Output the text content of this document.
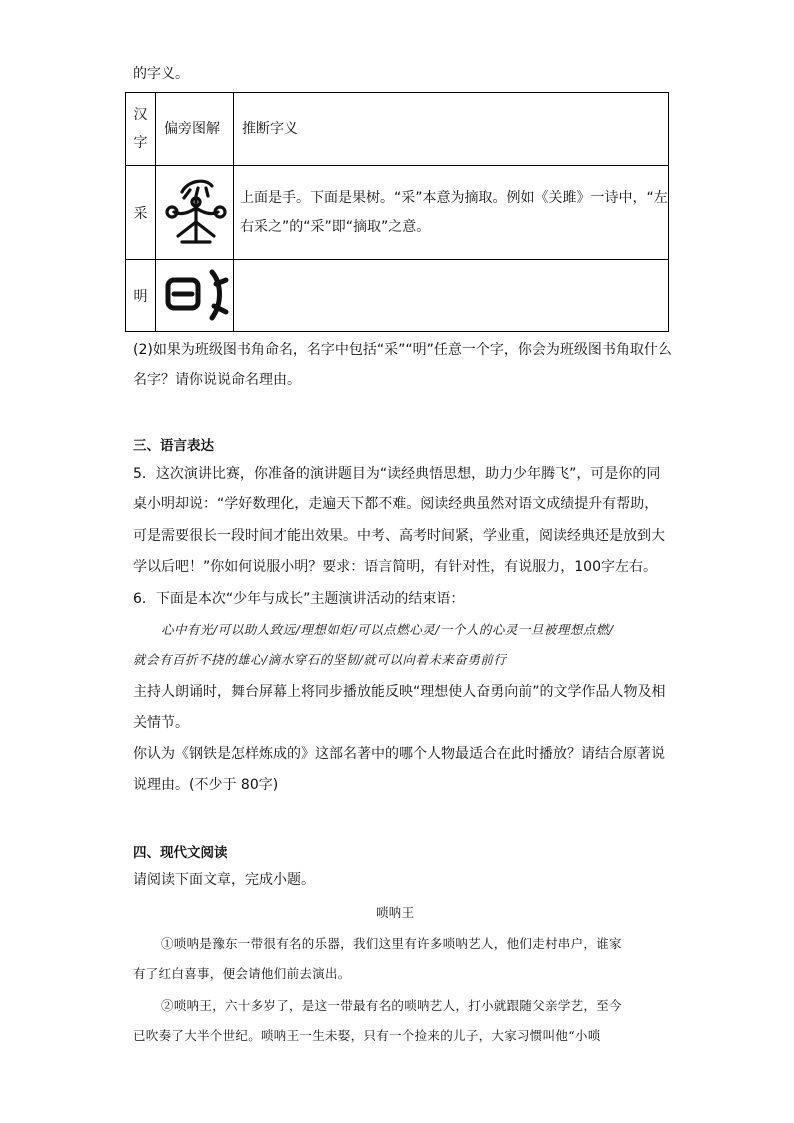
的字义。
汉
字	偏旁图解	推断字义
采		上面是手。下面是果树。“采”本意为摘取。例如《关雎》一诗中，“左
右采之”的“采”即“摘取”之意。

明		
(2)如果为班级图书角命名，名字中包括“采”“明”任意一个字，你会为班级图书角取什么
名字？请你说说命名理由。
三、语言表达
5．这次演讲比赛，你准备的演讲题目为“读经典悟思想，助力少年腾飞”，可是你的同
桌小明却说：“学好数理化，走遍天下都不难。阅读经典虽然对语文成绩提升有帮助，
可是需要很长一段时间才能出效果。中考、高考时间紧，学业重，阅读经典还是放到大
学以后吧！”你如何说服小明？要求：语言简明，有针对性，有说服力，100字左右。
6．下面是本次“少年与成长”主题演讲活动的结束语：
心中有光/可以助人致远/理想如炬/可以点燃心灵/一个人的心灵一旦被理想点燃/
就会有百折不挠的雄心/滴水穿石的坚韧/就可以向着未来奋勇前行
主持人朗诵时，舞台屏幕上将同步播放能反映“理想使人奋勇向前”的文学作品人物及相
关情节。
你认为《钢铁是怎样炼成的》这部名著中的哪个人物最适合在此时播放？请结合原著说
说理由。(不少于 80字)
四、现代文阅读
请阅读下面文章，完成小题。
唢呐王
①唢呐是豫东一带很有名的乐器，我们这里有许多唢呐艺人，他们走村串户，谁家
有了红白喜事，便会请他们前去演出。
②唢呐王，六十多岁了，是这一带最有名的唢呐艺人，打小就跟随父亲学艺，至今
已吹奏了大半个世纪。唢呐王一生未娶，只有一个捡来的儿子，大家习惯叫他“小唢
